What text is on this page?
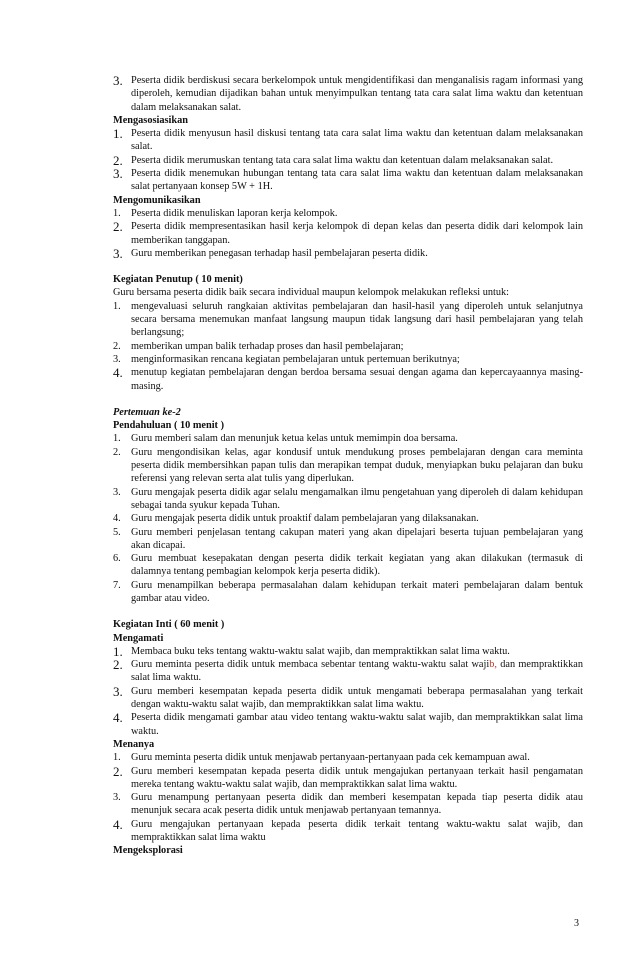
3. Peserta didik berdiskusi secara berkelompok untuk mengidentifikasi dan menganalisis ragam informasi yang diperoleh, kemudian dijadikan bahan untuk menyimpulkan tentang tata cara salat lima waktu dan ketentuan dalam melaksanakan salat.
Mengasosiasikan
1. Peserta didik menyusun hasil diskusi tentang tata cara salat lima waktu dan ketentuan dalam melaksanakan salat.
2. Peserta didik merumuskan tentang tata cara salat lima waktu dan ketentuan dalam melaksanakan salat.
3. Peserta didik menemukan hubungan tentang tata cara salat lima waktu dan ketentuan dalam melaksanakan salat pertanyaan konsep 5W + 1H.
Mengomunikasikan
1. Peserta didik menuliskan laporan kerja kelompok.
2. Peserta didik mempresentasikan hasil kerja kelompok di depan kelas dan peserta didik dari kelompok lain memberikan tanggapan.
3. Guru memberikan penegasan terhadap hasil pembelajaran peserta didik.
Kegiatan Penutup ( 10 menit)

Guru bersama peserta didik baik secara individual maupun kelompok melakukan refleksi untuk:

1. mengevaluasi seluruh rangkaian aktivitas pembelajaran dan hasil-hasil yang diperoleh untuk selanjutnya secara bersama menemukan manfaat langsung maupun tidak langsung dari hasil pembelajaran yang telah berlangsung;
2. memberikan umpan balik terhadap proses dan hasil pembelajaran;
3. menginformasikan rencana kegiatan pembelajaran untuk pertemuan berikutnya;
4. menutup kegiatan pembelajaran dengan berdoa bersama sesuai dengan agama dan kepercayaannya masing-masing.
Pertemuan ke-2
Pendahuluan ( 10 menit )
1. Guru memberi salam dan menunjuk ketua kelas untuk memimpin doa bersama.
2. Guru mengondisikan kelas, agar kondusif untuk mendukung proses pembelajaran dengan cara meminta peserta didik membersihkan papan tulis dan merapikan tempat duduk, menyiapkan buku pelajaran dan buku referensi yang relevan serta alat tulis yang diperlukan.
3. Guru mengajak peserta didik agar selalu mengamalkan ilmu pengetahuan yang diperoleh di dalam kehidupan sebagai tanda syukur kepada Tuhan.
4. Guru mengajak peserta didik untuk proaktif dalam pembelajaran yang dilaksanakan.
5. Guru memberi penjelasan tentang cakupan materi yang akan dipelajari beserta tujuan pembelajaran yang akan dicapai.
6. Guru membuat kesepakatan dengan peserta didik terkait kegiatan yang akan dilakukan (termasuk di dalamnya tentang pembagian kelompok kerja peserta didik).
7. Guru menampilkan beberapa permasalahan dalam kehidupan terkait materi pembelajaran dalam bentuk gambar atau video.
Kegiatan Inti ( 60 menit )
Mengamati
1. Membaca buku teks tentang waktu-waktu salat wajib, dan mempraktikkan salat lima waktu.
2. Guru meminta peserta didik untuk membaca sebentar tentang waktu-waktu salat wajib, dan mempraktikkan salat lima waktu.
3. Guru memberi kesempatan kepada peserta didik untuk mengamati beberapa permasalahan yang terkait dengan waktu-waktu salat wajib, dan mempraktikkan salat lima waktu.
4. Peserta didik mengamati gambar atau video tentang waktu-waktu salat wajib, dan mempraktikkan salat lima waktu.
Menanya
1. Guru meminta peserta didik untuk menjawab pertanyaan-pertanyaan pada cek kemampuan awal.
2. Guru memberi kesempatan kepada peserta didik untuk mengajukan pertanyaan terkait hasil pengamatan mereka tentang waktu-waktu salat wajib, dan mempraktikkan salat lima waktu.
3. Guru menampung pertanyaan peserta didik dan memberi kesempatan kepada tiap peserta didik atau menunjuk secara acak peserta didik untuk menjawab pertanyaan temannya.
4. Guru mengajukan pertanyaan kepada peserta didik terkait tentang waktu-waktu salat wajib, dan mempraktikkan salat lima waktu
Mengeksplorasi
3
